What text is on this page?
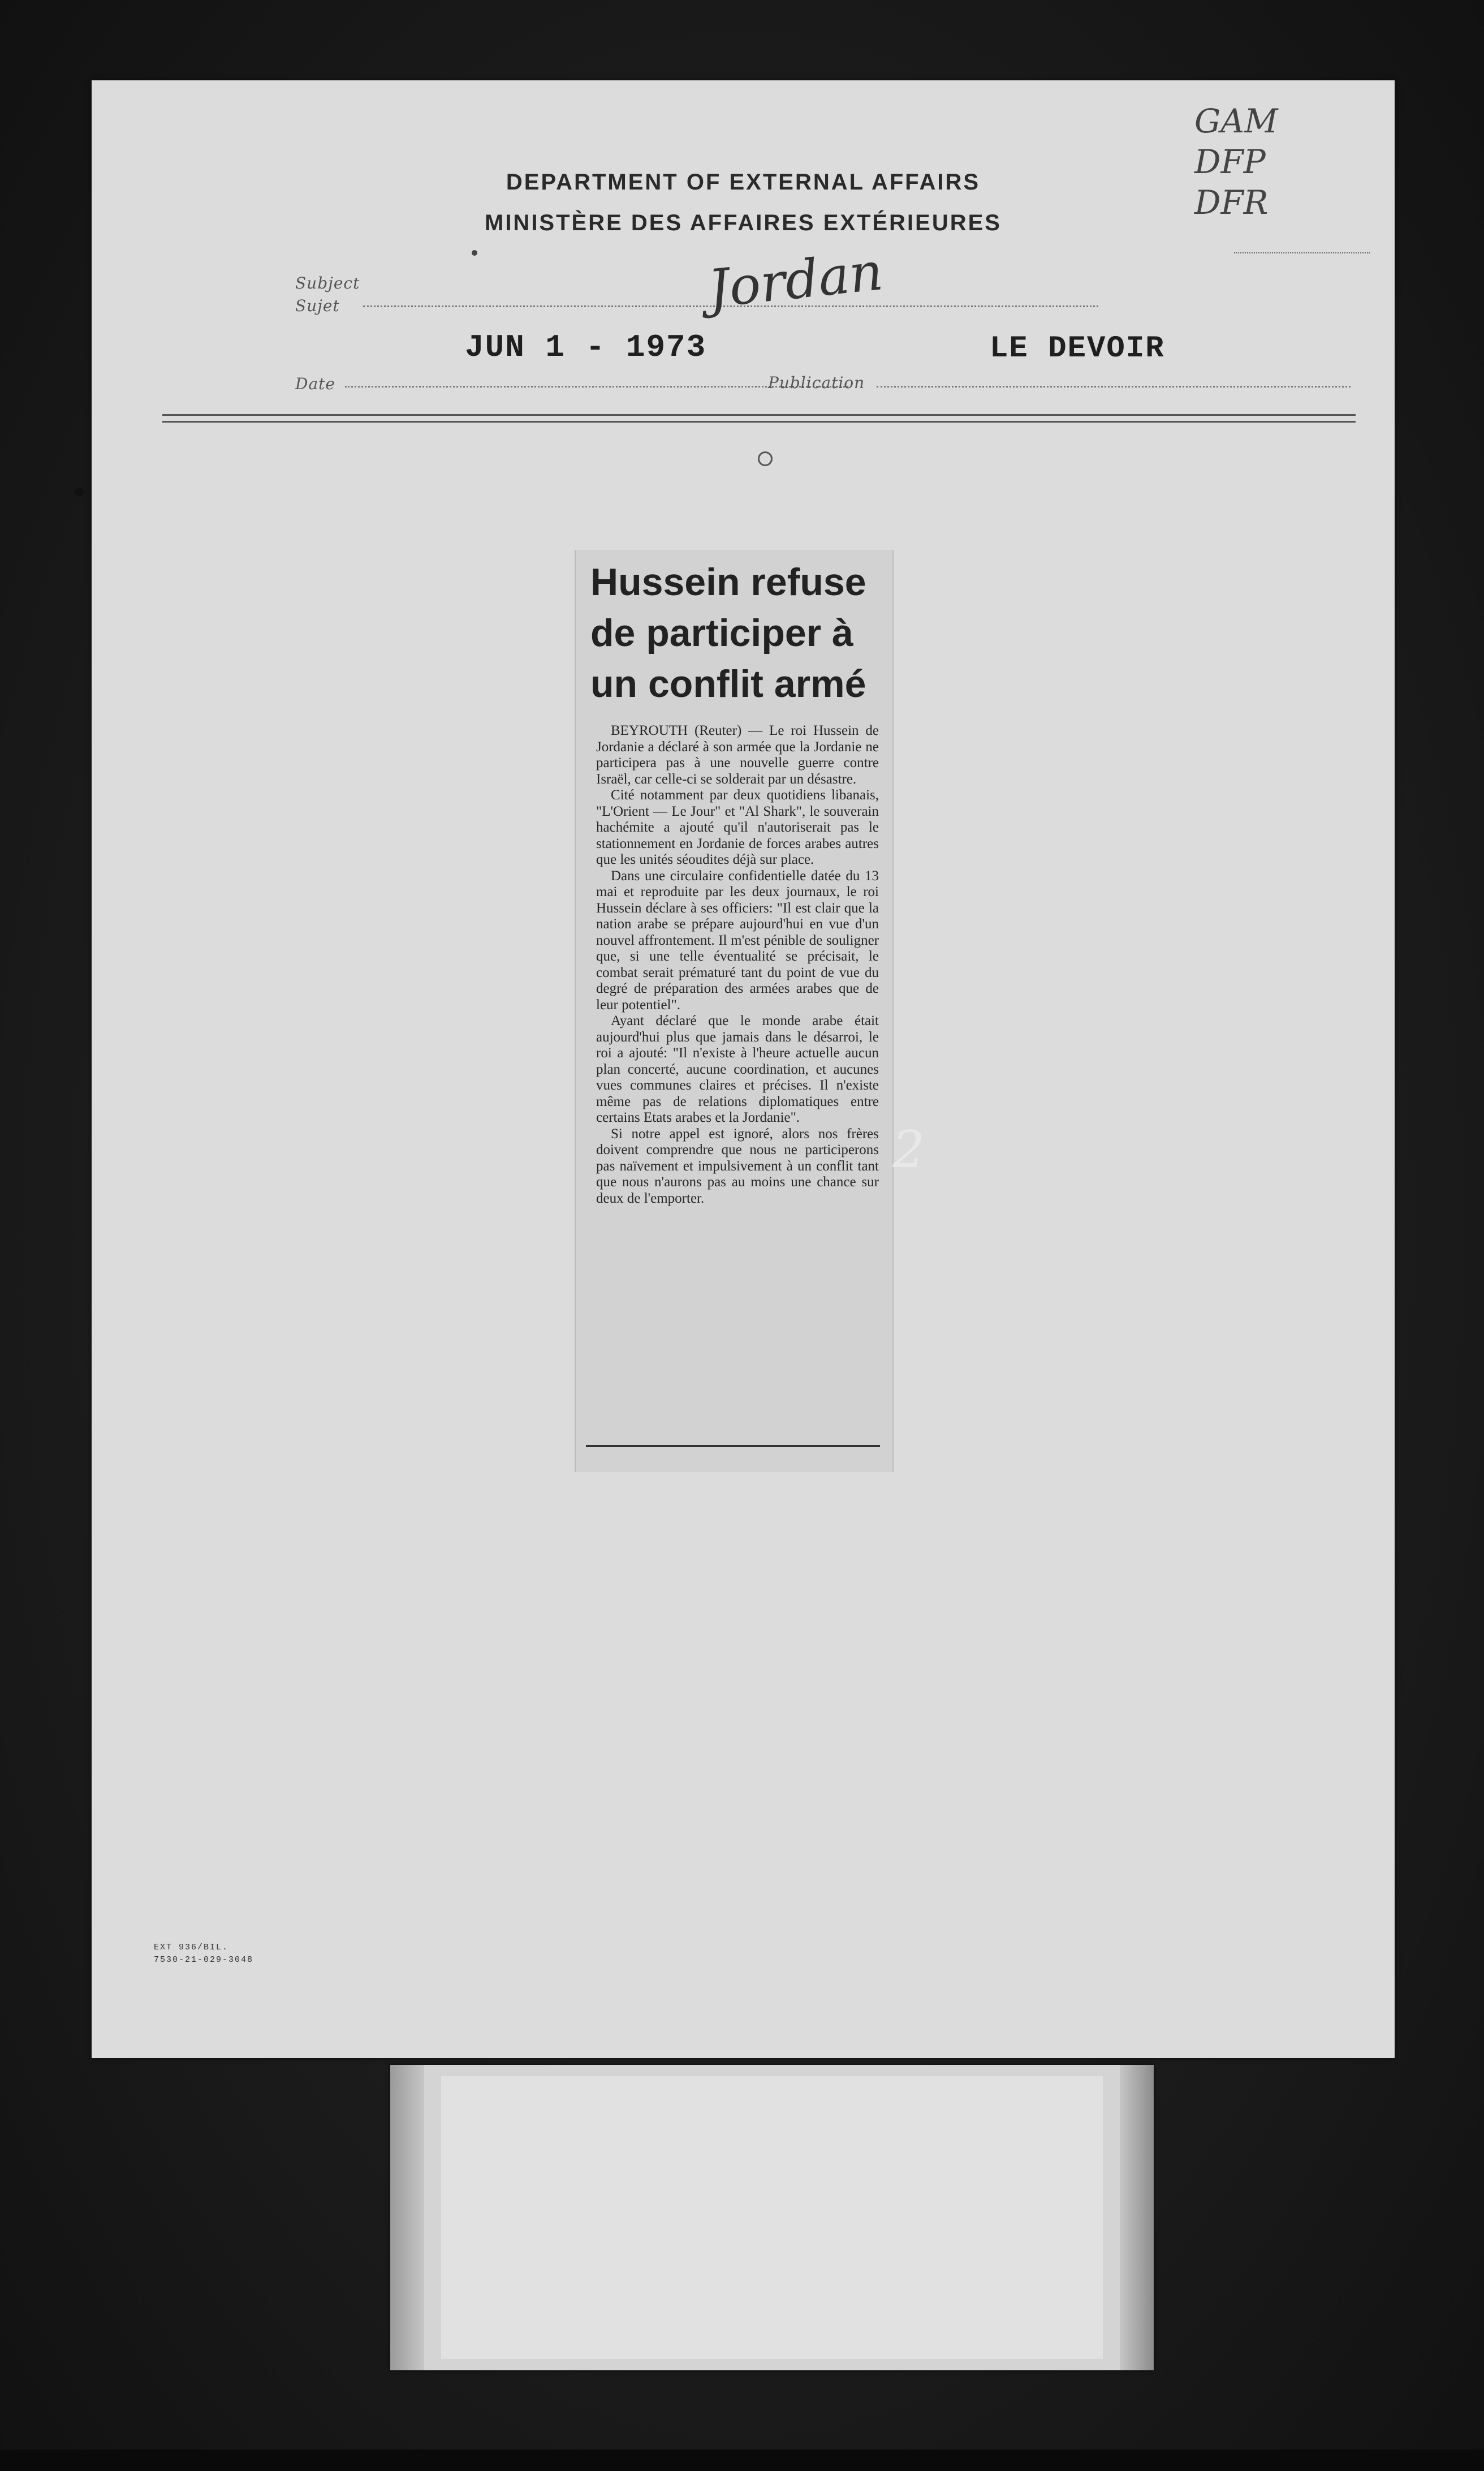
DEPARTMENT OF EXTERNAL AFFAIRS
MINISTÈRE DES AFFAIRES EXTÉRIEURES
GAM
DFP
DFR
Subject
Sujet	Jordan
Date
JUN 1 - 1973
Publication
LE DEVOIR
Hussein refuse de participer à un conflit armé

BEYROUTH (Reuter) — Le roi Hussein de Jordanie a déclaré à son armée que la Jordanie ne participera pas à une nouvelle guerre contre Israël, car celle-ci se solderait par un désastre.

Cité notamment par deux quotidiens libanais, "L'Orient — Le Jour" et "Al Shark", le souverain hachémite a ajouté qu'il n'autoriserait pas le stationnement en Jordanie de forces arabes autres que les unités séoudites déjà sur place.

Dans une circulaire confidentielle datée du 13 mai et reproduite par les deux journaux, le roi Hussein déclare à ses officiers: "Il est clair que la nation arabe se prépare aujourd'hui en vue d'un nouvel affrontement. Il m'est pénible de souligner que, si une telle éventualité se précisait, le combat serait prématuré tant du point de vue du degré de préparation des armées arabes que de leur potentiel".

Ayant déclaré que le monde arabe était aujourd'hui plus que jamais dans le désarroi, le roi a ajouté: "Il n'existe à l'heure actuelle aucun plan concerté, aucune coordination, et aucunes vues communes claires et précises. Il n'existe même pas de relations diplomatiques entre certains Etats arabes et la Jordanie".

Si notre appel est ignoré, alors nos frères doivent comprendre que nous ne participerons pas naïvement et impulsivement à un conflit tant que nous n'aurons pas au moins une chance sur deux de l'emporter.

2
EXT 936/BIL.
7530-21-029-3048
